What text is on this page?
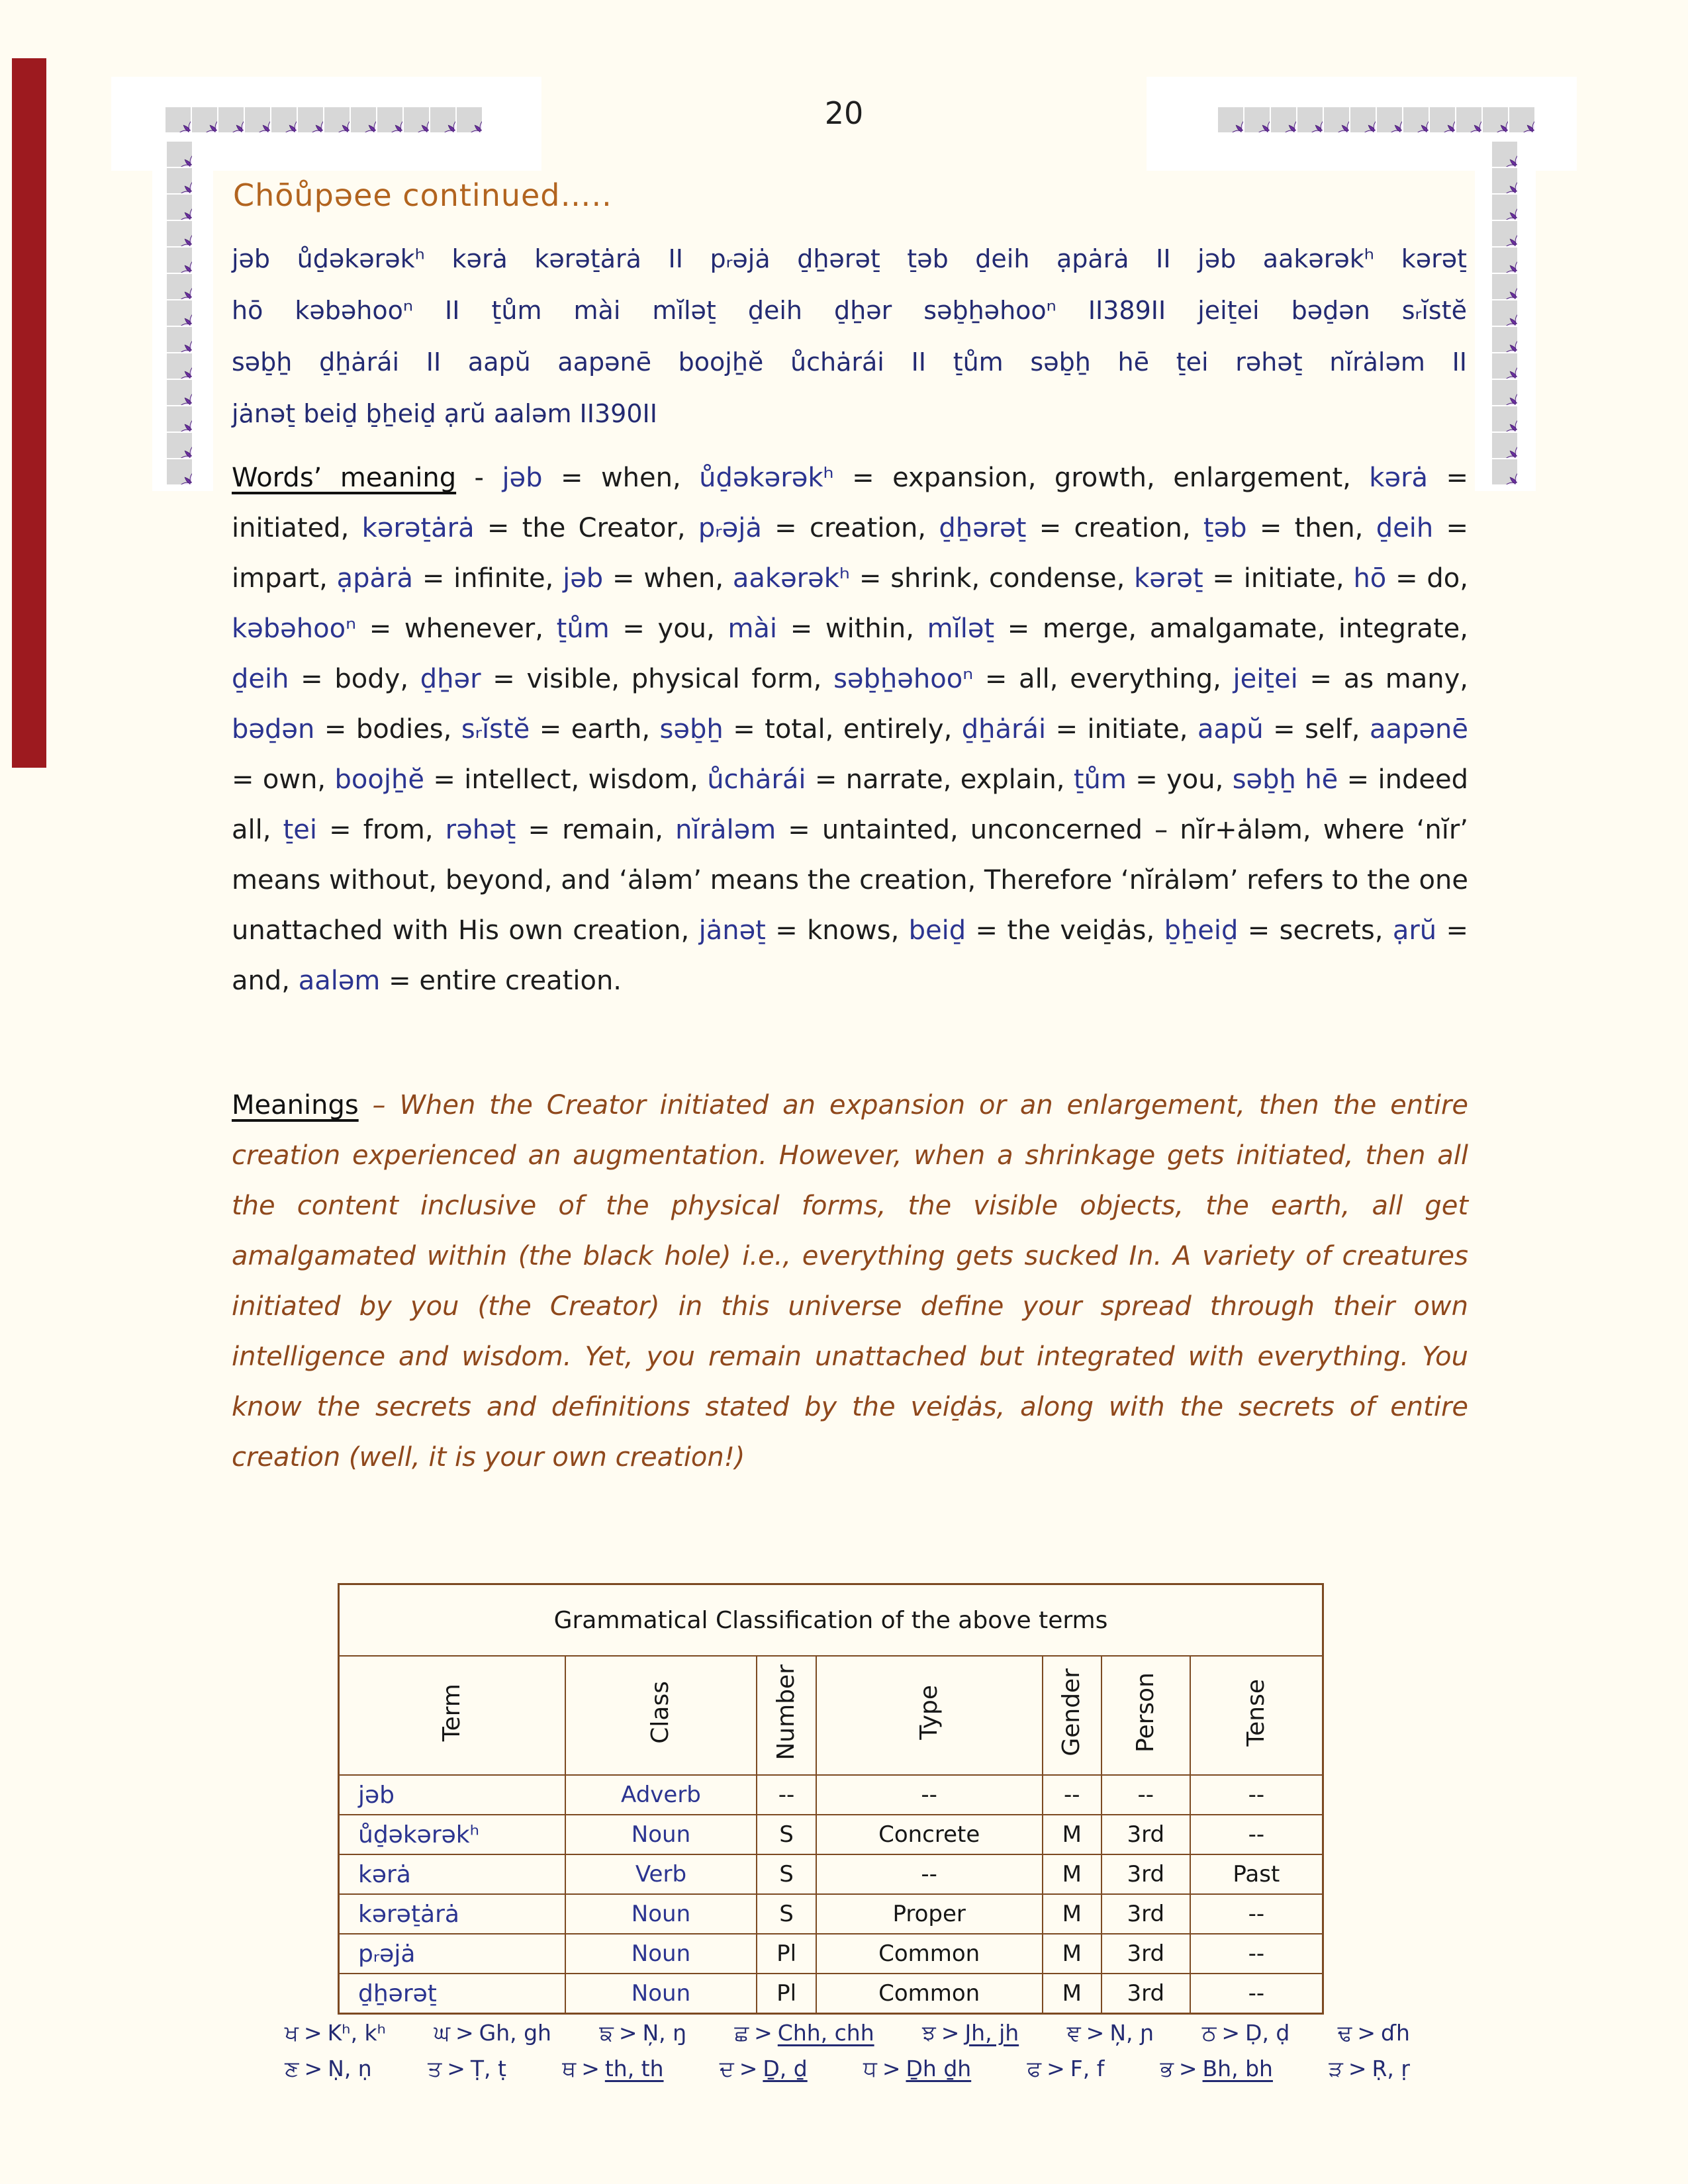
20
Chōůpəee continued…..
jəb ůd̠əkərəkʰ kərȧ kərət̠ȧrȧ II pᵣəjȧ d̠ẖərət̠ t̠əb d̠eih ạpȧrȧ II jəb aakərəkʰ kərət̠
hō kəbəhooⁿ II t̠ům mài mĭlət̠ d̠eih d̠ẖər səb̠ẖəhooⁿ II389II jeit̠ei bəd̠ən sᵣĭstĕ
səb̠ẖ d̠ẖȧrái II aapŭ aapənē boojẖĕ ůchȧrái II t̠ům səb̠ẖ hē t̠ei rəhət̠ nĭrȧləm II
jȧnət̠ beid̠ b̠ẖeid̠ ạrŭ aaləm II390II
Words’ meaning - jəb = when, ůd̠əkərəkʰ = expansion, growth, enlargement, kərȧ = initiated, kərət̠ȧrȧ = the Creator, pᵣəjȧ = creation, d̠ẖərət̠ = creation, t̠əb = then, d̠eih = impart, ạpȧrȧ = infinite, jəb = when, aakərəkʰ = shrink, condense, kərət̠ = initiate, hō = do, kəbəhooⁿ = whenever, t̠ům = you, mài = within, mĭlət̠ = merge, amalgamate, integrate, d̠eih = body, d̠ẖər = visible, physical form, səb̠ẖəhooⁿ = all, everything, jeit̠ei = as many, bəd̠ən = bodies, sᵣĭstĕ = earth, səb̠ẖ = total, entirely, d̠ẖȧrái = initiate, aapŭ = self, aapənē = own, boojẖĕ = intellect, wisdom, ůchȧrái = narrate, explain, t̠ům = you, səb̠ẖ hē = indeed all, t̠ei = from, rəhət̠ = remain, nĭrȧləm = untainted, unconcerned – nĭr+ȧləm, where ‘nĭr’ means without, beyond, and ‘ȧləm’ means the creation, Therefore ‘nĭrȧləm’ refers to the one unattached with His own creation, jȧnət̠ = knows, beid̠ = the veid̠ȧs, b̠ẖeid̠ = secrets, ạrŭ = and, aaləm = entire creation.
Meanings – When the Creator initiated an expansion or an enlargement, then the entire creation experienced an augmentation. However, when a shrinkage gets initiated, then all the content inclusive of the physical forms, the visible objects, the earth, all get amalgamated within (the black hole) i.e., everything gets sucked In. A variety of creatures initiated by you (the Creator) in this universe define your spread through their own intelligence and wisdom. Yet, you remain unattached but integrated with everything. You know the secrets and definitions stated by the veid̠ȧs, along with the secrets of entire creation (well, it is your own creation!)
Grammatical Classification of the above terms						
Term	Class	Number	Type	Gender	Person	Tense
jəb	Adverb	--	--	--	--	--
ůd̠əkərəkʰ	Noun	S	Concrete	M	3rd	--
kərȧ	Verb	S	--	M	3rd	Past
kərət̠ȧrȧ	Noun	S	Proper	M	3rd	--
pᵣəjȧ	Noun	Pl	Common	M	3rd	--
d̠ẖərət̠	Noun	Pl	Common	M	3rd	--
ਖ > Kʰ, kʰ ਘ > Gh, gh ਙ > N̦, ŋ ਛ > Chh, chh ਝ > Jh, jh ਞ > N̦, ɲ ਠ > Ḍ, ḍ ਢ > ɗh
ਣ > Ṇ, ṇ	ਤ > Ṭ, ṭ	ਥ > th, th	ਦ > Ḏ, ḏ	ਧ > Ḏh ḏh	ਫ > F, f	ਭ > Bh, bh	ੜ > Ṛ, ṛ
